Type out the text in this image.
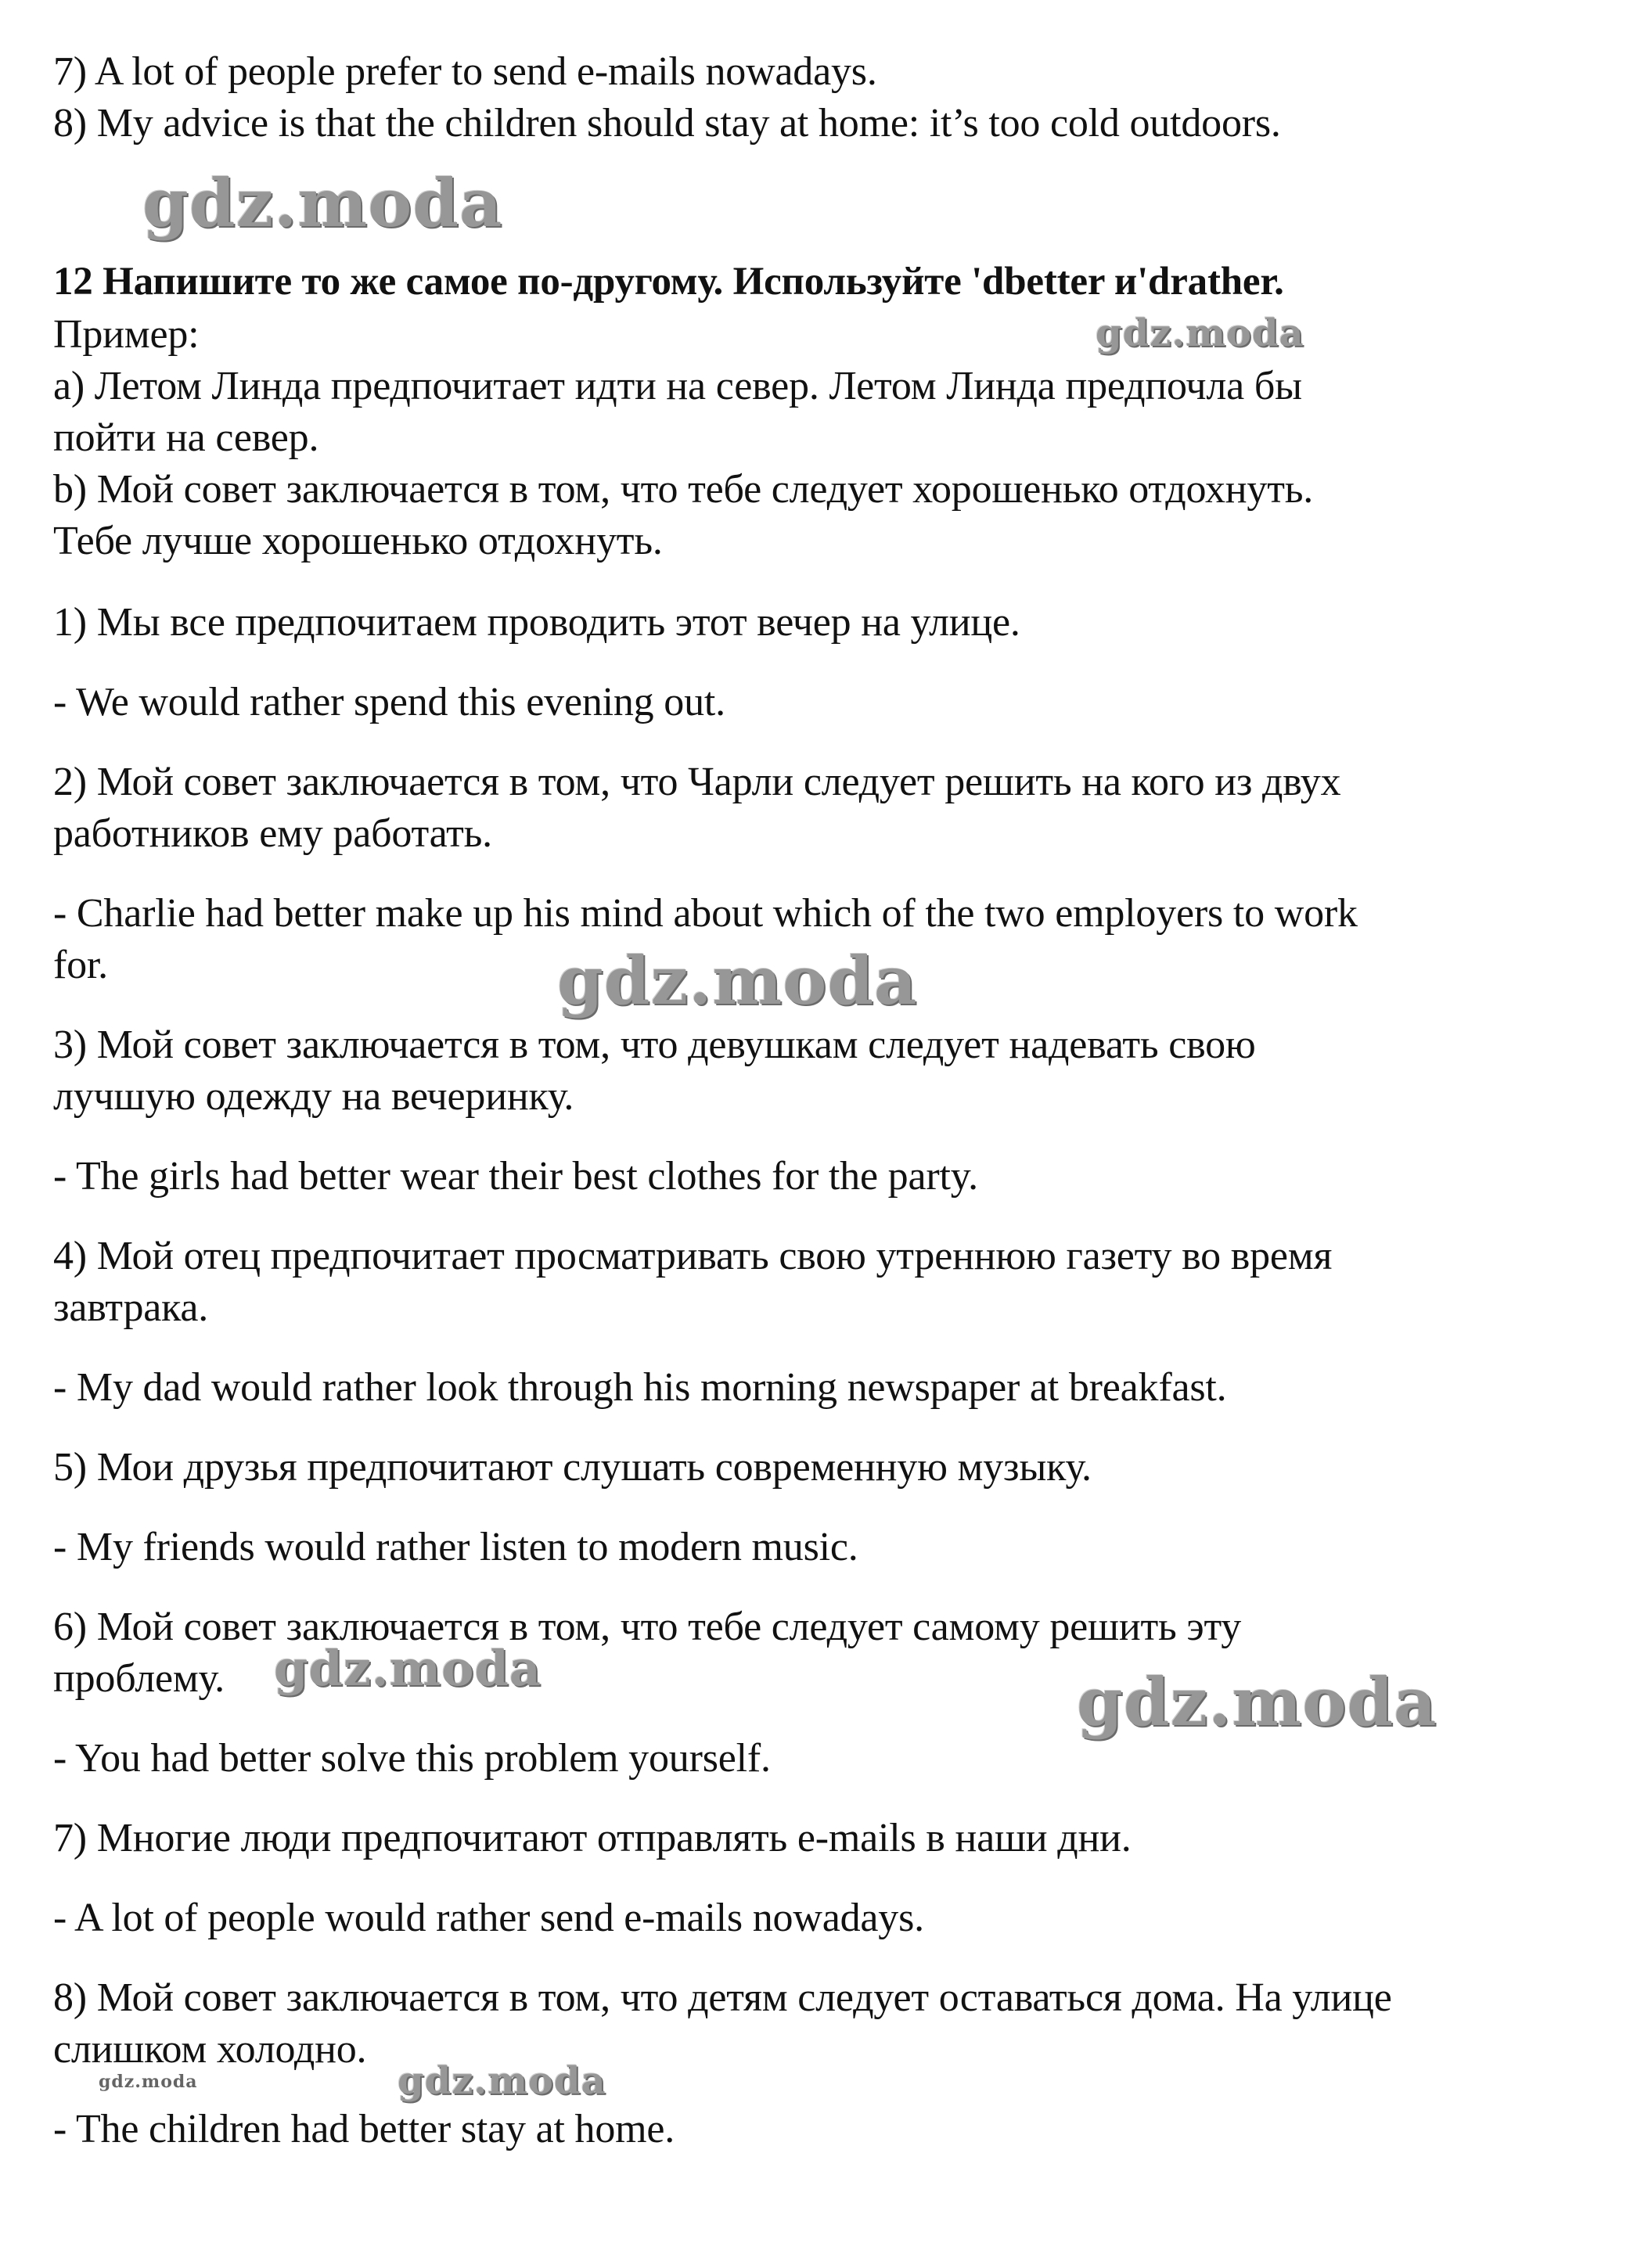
7) A lot of people prefer to send e-mails nowadays.
8) My advice is that the children should stay at home: it’s too cold outdoors.
12 Напишите то же самое по-другому. Используйте 'dbetter и'drather.
Пример:
a) Летом Линда предпочитает идти на север. Летом Линда предпочла бы
пойти на север.
b) Мой совет заключается в том, что тебе следует хорошенько отдохнуть.
Тебе лучше хорошенько отдохнуть.
1) Мы все предпочитаем проводить этот вечер на улице.
- We would rather spend this evening out.
2) Мой совет заключается в том, что Чарли следует решить на кого из двух
работников ему работать.
- Charlie had better make up his mind about which of the two employers to work
for.
3) Мой совет заключается в том, что девушкам следует надевать свою
лучшую одежду на вечеринку.
- The girls had better wear their best clothes for the party.
4) Мой отец предпочитает просматривать свою утреннюю газету во время
завтрака.
- My dad would rather look through his morning newspaper at breakfast.
5) Мои друзья предпочитают слушать современную музыку.
- My friends would rather listen to modern music.
6) Мой совет заключается в том, что тебе следует самому решить эту
проблему.
- You had better solve this problem yourself.
7) Многие люди предпочитают отправлять e-mails в наши дни.
- A lot of people would rather send e-mails nowadays.
8) Мой совет заключается в том, что детям следует оставаться дома. На улице
слишком холодно.
- The children had better stay at home.
gdz.moda
gdz.moda
gdz.moda
gdz.moda	gdz.moda
gdz.moda	gdz.moda
